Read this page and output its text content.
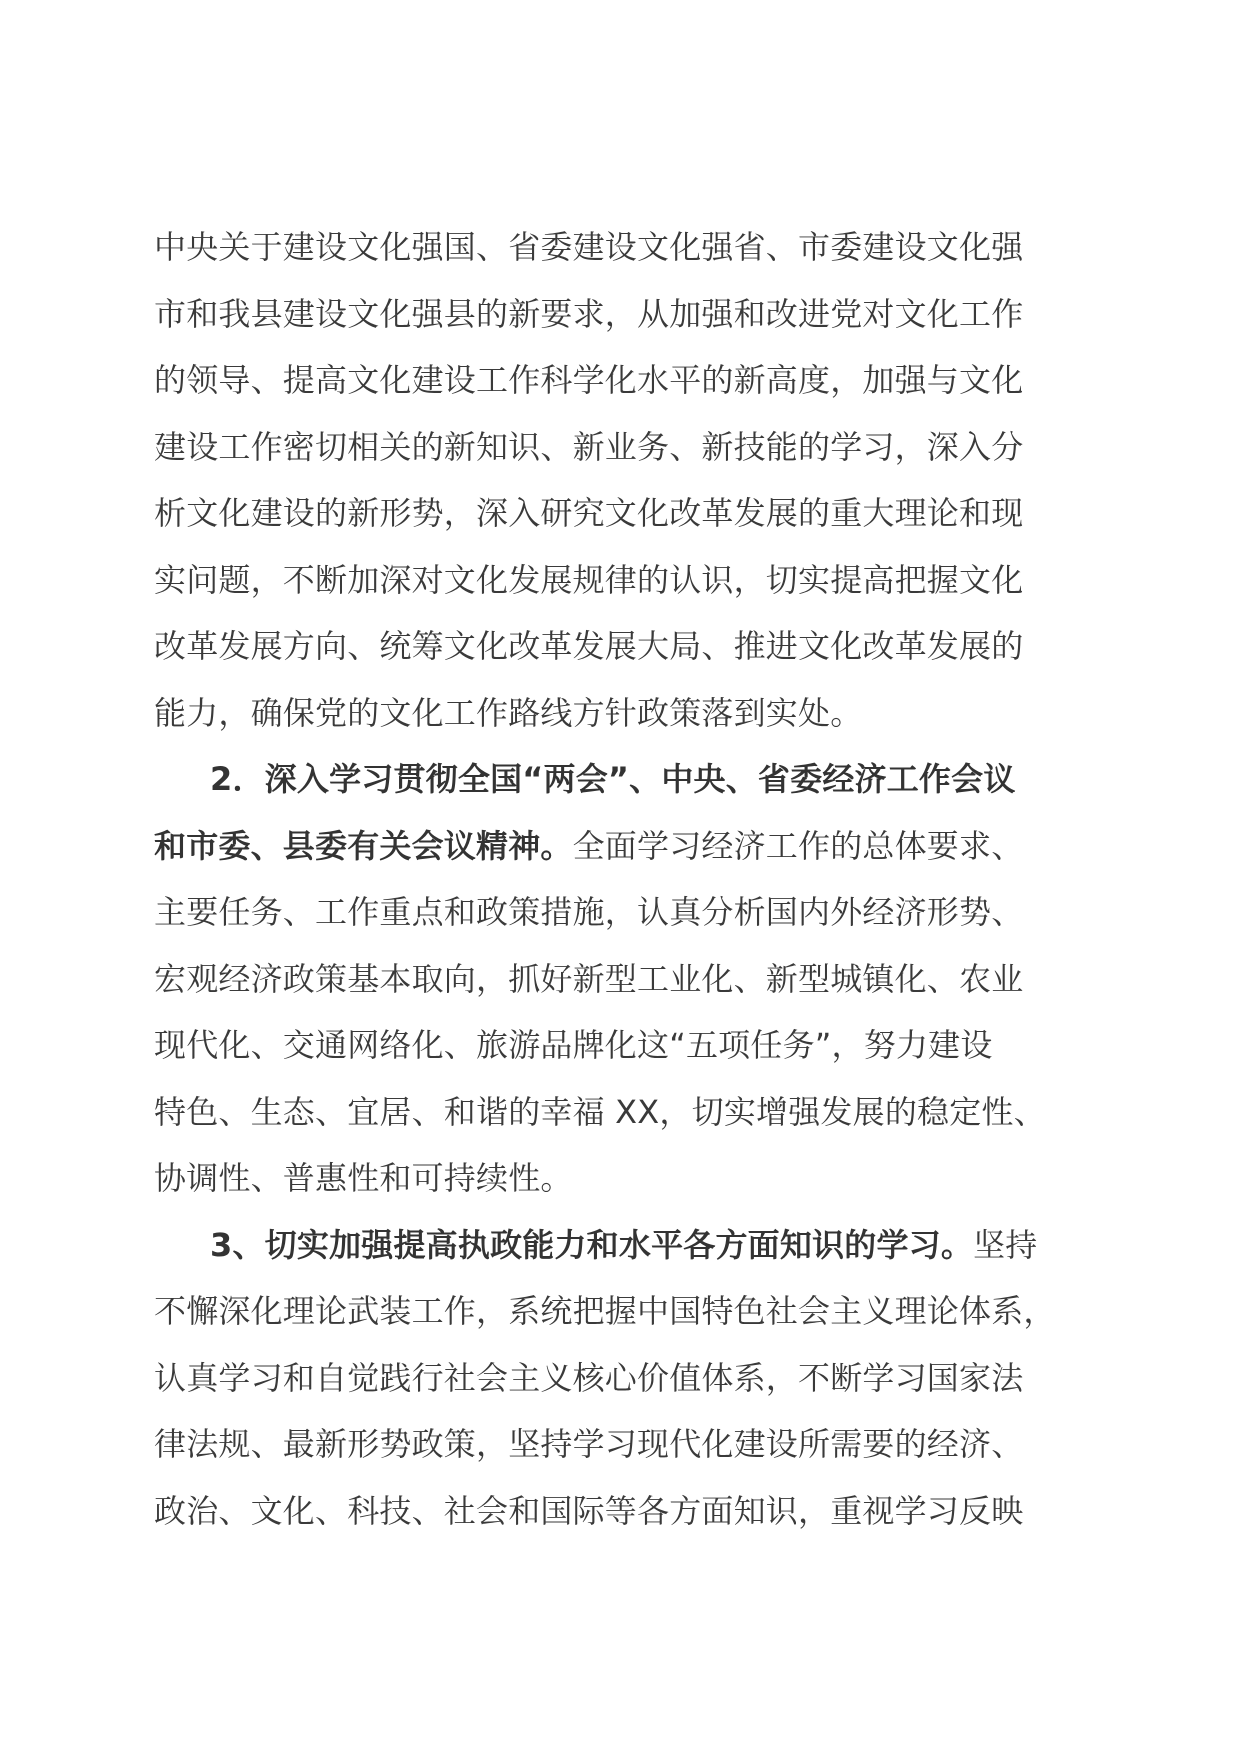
中央关于建设文化强国、省委建设文化强省、市委建设文化强
市和我县建设文化强县的新要求，从加强和改进党对文化工作
的领导、提高文化建设工作科学化水平的新高度，加强与文化
建设工作密切相关的新知识、新业务、新技能的学习，深入分
析文化建设的新形势，深入研究文化改革发展的重大理论和现
实问题，不断加深对文化发展规律的认识，切实提高把握文化
改革发展方向、统筹文化改革发展大局、推进文化改革发展的
能力，确保党的文化工作路线方针政策落到实处。
2．深入学习贯彻全国“两会”、中央、省委经济工作会议
和市委、县委有关会议精神。全面学习经济工作的总体要求、
主要任务、工作重点和政策措施，认真分析国内外经济形势、
宏观经济政策基本取向，抓好新型工业化、新型城镇化、农业
现代化、交通网络化、旅游品牌化这“五项任务”，努力建设
特色、生态、宜居、和谐的幸福 XX，切实增强发展的稳定性、
协调性、普惠性和可持续性。
3、切实加强提高执政能力和水平各方面知识的学习。坚持
不懈深化理论武装工作，系统把握中国特色社会主义理论体系，
认真学习和自觉践行社会主义核心价值体系，不断学习国家法
律法规、最新形势政策，坚持学习现代化建设所需要的经济、
政治、文化、科技、社会和国际等各方面知识，重视学习反映
